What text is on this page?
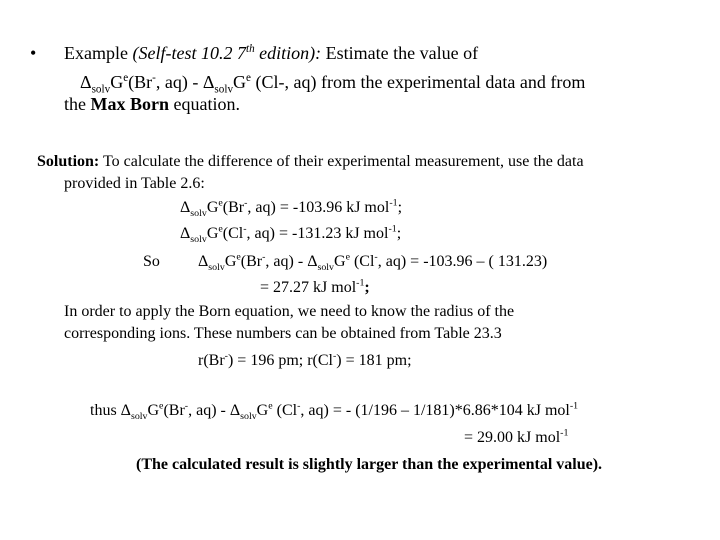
• Example (Self-test 10.2 7th edition): Estimate the value of
$\Delta_{solv}G^e(Br^-$, $aq) - \Delta_{solv}G^e$ (Cl-, aq) from the experimental data and from
the Max Born equation.
Solution: To calculate the difference of their experimental measurement, use the data
provided in Table 2.6:
$\Delta_{solv}G^e(Br^-$, aq) = -103.96 kJ mol$^{-1}$;
$\Delta_{solv}G^e(Cl^-$, aq) = -131.23 kJ mol$^{-1}$;
So $\Delta_{solv}G^e(Br^-$, $aq) - \Delta_{solv}G^e$ (Cl-, aq) = -103.96 – ( 131.23)
= 27.27 kJ mol$^{-1}$;
In order to apply the Born equation, we need to know the radius of the
corresponding ions. These numbers can be obtained from Table 23.3
r(Br-) = 196 pm; r(Cl-) = 181 pm;
thus $\Delta_{solv}G^e(Br^-$, $aq) - \Delta_{solv}G^e$ (Cl-, aq) = - (1/196 – 1/181)*6.86*104 kJ mol$^{-1}$
= 29.00 kJ mol$^{-1}$
(The calculated result is slightly larger than the experimental value).
